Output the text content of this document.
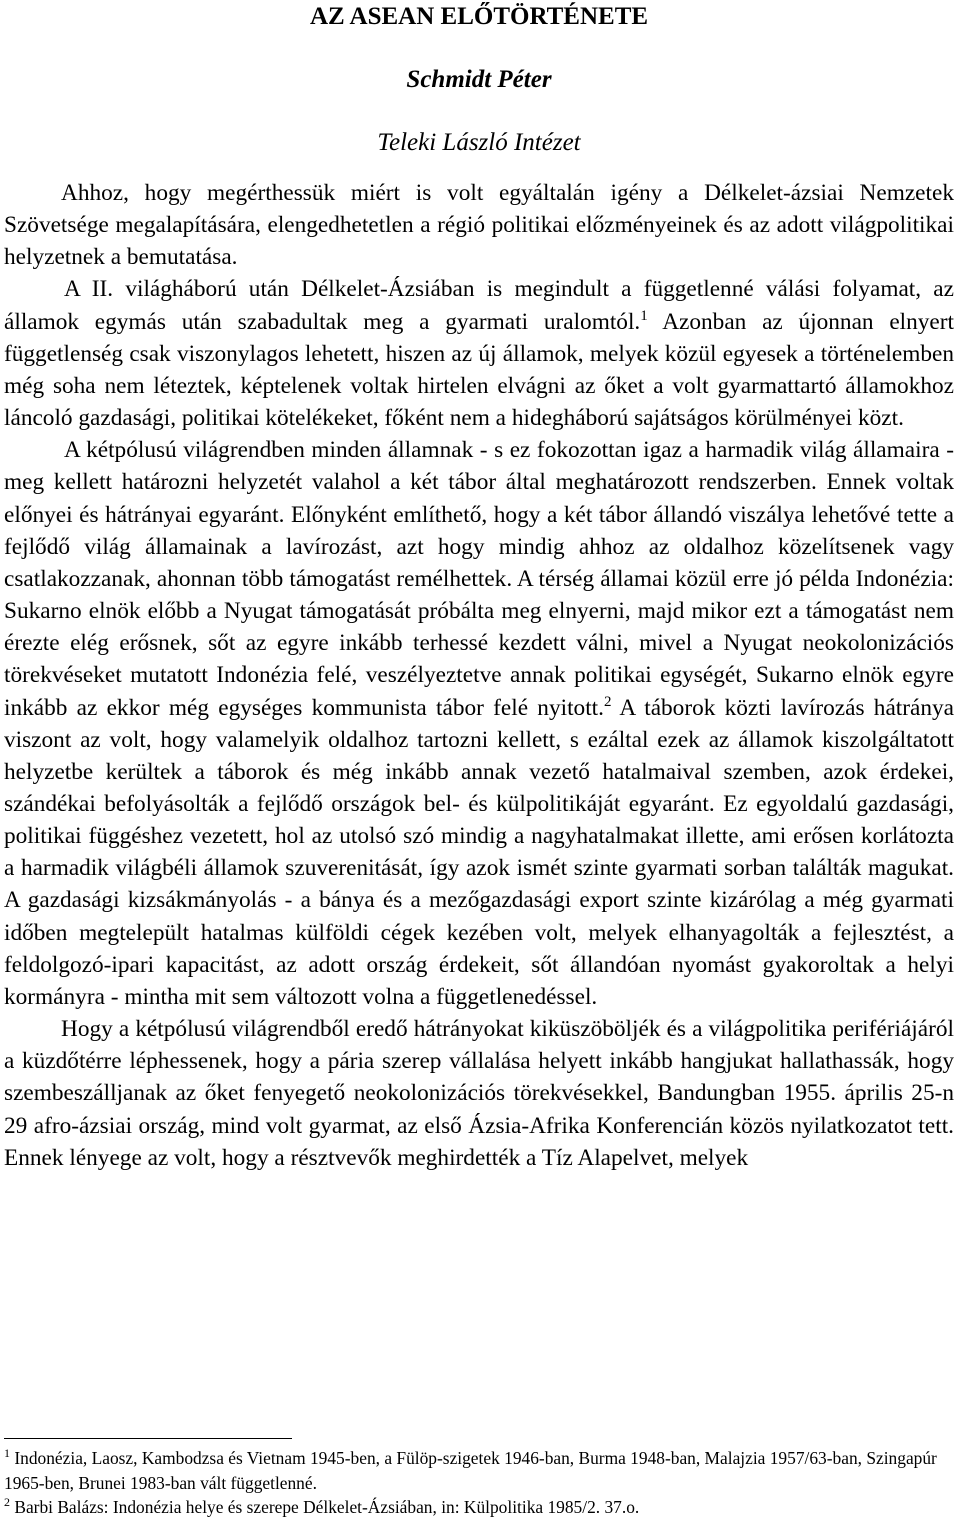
AZ ASEAN ELŐTÖRTÉNETE
Schmidt Péter
Teleki László Intézet

Ahhoz, hogy megérthessük miért is volt egyáltalán igény a Délkelet-ázsiai Nemzetek Szövetsége megalapítására, elengedhetetlen a régió politikai előzményeinek és az adott világpolitikai helyzetnek a bemutatása.

A II. világháború után Délkelet-Ázsiában is megindult a függetlenné válási folyamat, az államok egymás után szabadultak meg a gyarmati uralomtól.$^1$ Azonban az újonnan elnyert függetlenség csak viszonylagos lehetett, hiszen az új államok, melyek közül egyesek a történelemben még soha nem léteztek, képtelenek voltak hirtelen elvágni az őket a volt gyarmattartó államokhoz láncoló gazdasági, politikai kötelékeket, főként nem a hidegháború sajátságos körülményei közt.

A kétpólusú világrendben minden államnak - s ez fokozottan igaz a harmadik világ államaira - meg kellett határozni helyzetét valahol a két tábor által meghatározott rendszerben. Ennek voltak előnyei és hátrányai egyaránt. Előnyként említhető, hogy a két tábor állandó viszálya lehetővé tette a fejlődő világ államainak a lavírozást, azt hogy mindig ahhoz az oldalhoz közelítsenek vagy csatlakozzanak, ahonnan több támogatást remélhettek. A térség államai közül erre jó példa Indonézia: Sukarno elnök előbb a Nyugat támogatását próbálta meg elnyerni, majd mikor ezt a támogatást nem érezte elég erősnek, sőt az egyre inkább terhessé kezdett válni, mivel a Nyugat neokolonizációs törekvéseket mutatott Indonézia felé, veszélyeztetve annak politikai egységét, Sukarno elnök egyre inkább az ekkor még egységes kommunista tábor felé nyitott.$^2$ A táborok közti lavírozás hátránya viszont az volt, hogy valamelyik oldalhoz tartozni kellett, s ezáltal ezek az államok kiszolgáltatott helyzetbe kerültek a táborok és még inkább annak vezető hatalmaival szemben, azok érdekei, szándékai befolyásolták a fejlődő országok bel- és külpolitikáját egyaránt. Ez egyoldalú gazdasági, politikai függéshez vezetett, hol az utolsó szó mindig a nagyhatalmakat illette, ami erősen korlátozta a harmadik világbéli államok szuverenitását, így azok ismét szinte gyarmati sorban találták magukat. A gazdasági kizsákmányolás - a bánya és a mezőgazdasági export szinte kizárólag a még gyarmati időben megtelepült hatalmas külföldi cégek kezében volt, melyek elhanyagolták a fejlesztést, a feldolgozó-ipari kapacitást, az adott ország érdekeit, sőt állandóan nyomást gyakoroltak a helyi kormányra - mintha mit sem változott volna a függetlenedéssel.

Hogy a kétpólusú világrendből eredő hátrányokat kiküszöböljék és a világpolitika perifériájáról a küzdőtérre léphessenek, hogy a pária szerep vállalása helyett inkább hangjukat hallathassák, hogy szembeszálljanak az őket fenyegető neokolonizációs törekvésekkel, Bandungban 1955. április 25-n 29 afro-ázsiai ország, mind volt gyarmat, az első Ázsia-Afrika Konferencián közös nyilatkozatot tett. Ennek lényege az volt, hogy a résztvevők meghirdették a Tíz Alapelvet, melyek

$^1$ Indonézia, Laosz, Kambodzsa és Vietnam 1945-ben, a Fülöp-szigetek 1946-ban, Burma 1948-ban, Malajzia 1957/63-ban, Szingapúr 1965-ben, Brunei 1983-ban vált függetlenné.

$^2$ Barbi Balázs: Indonézia helye és szerepe Délkelet-Ázsiában, in: Külpolitika 1985/2. 37.o.
